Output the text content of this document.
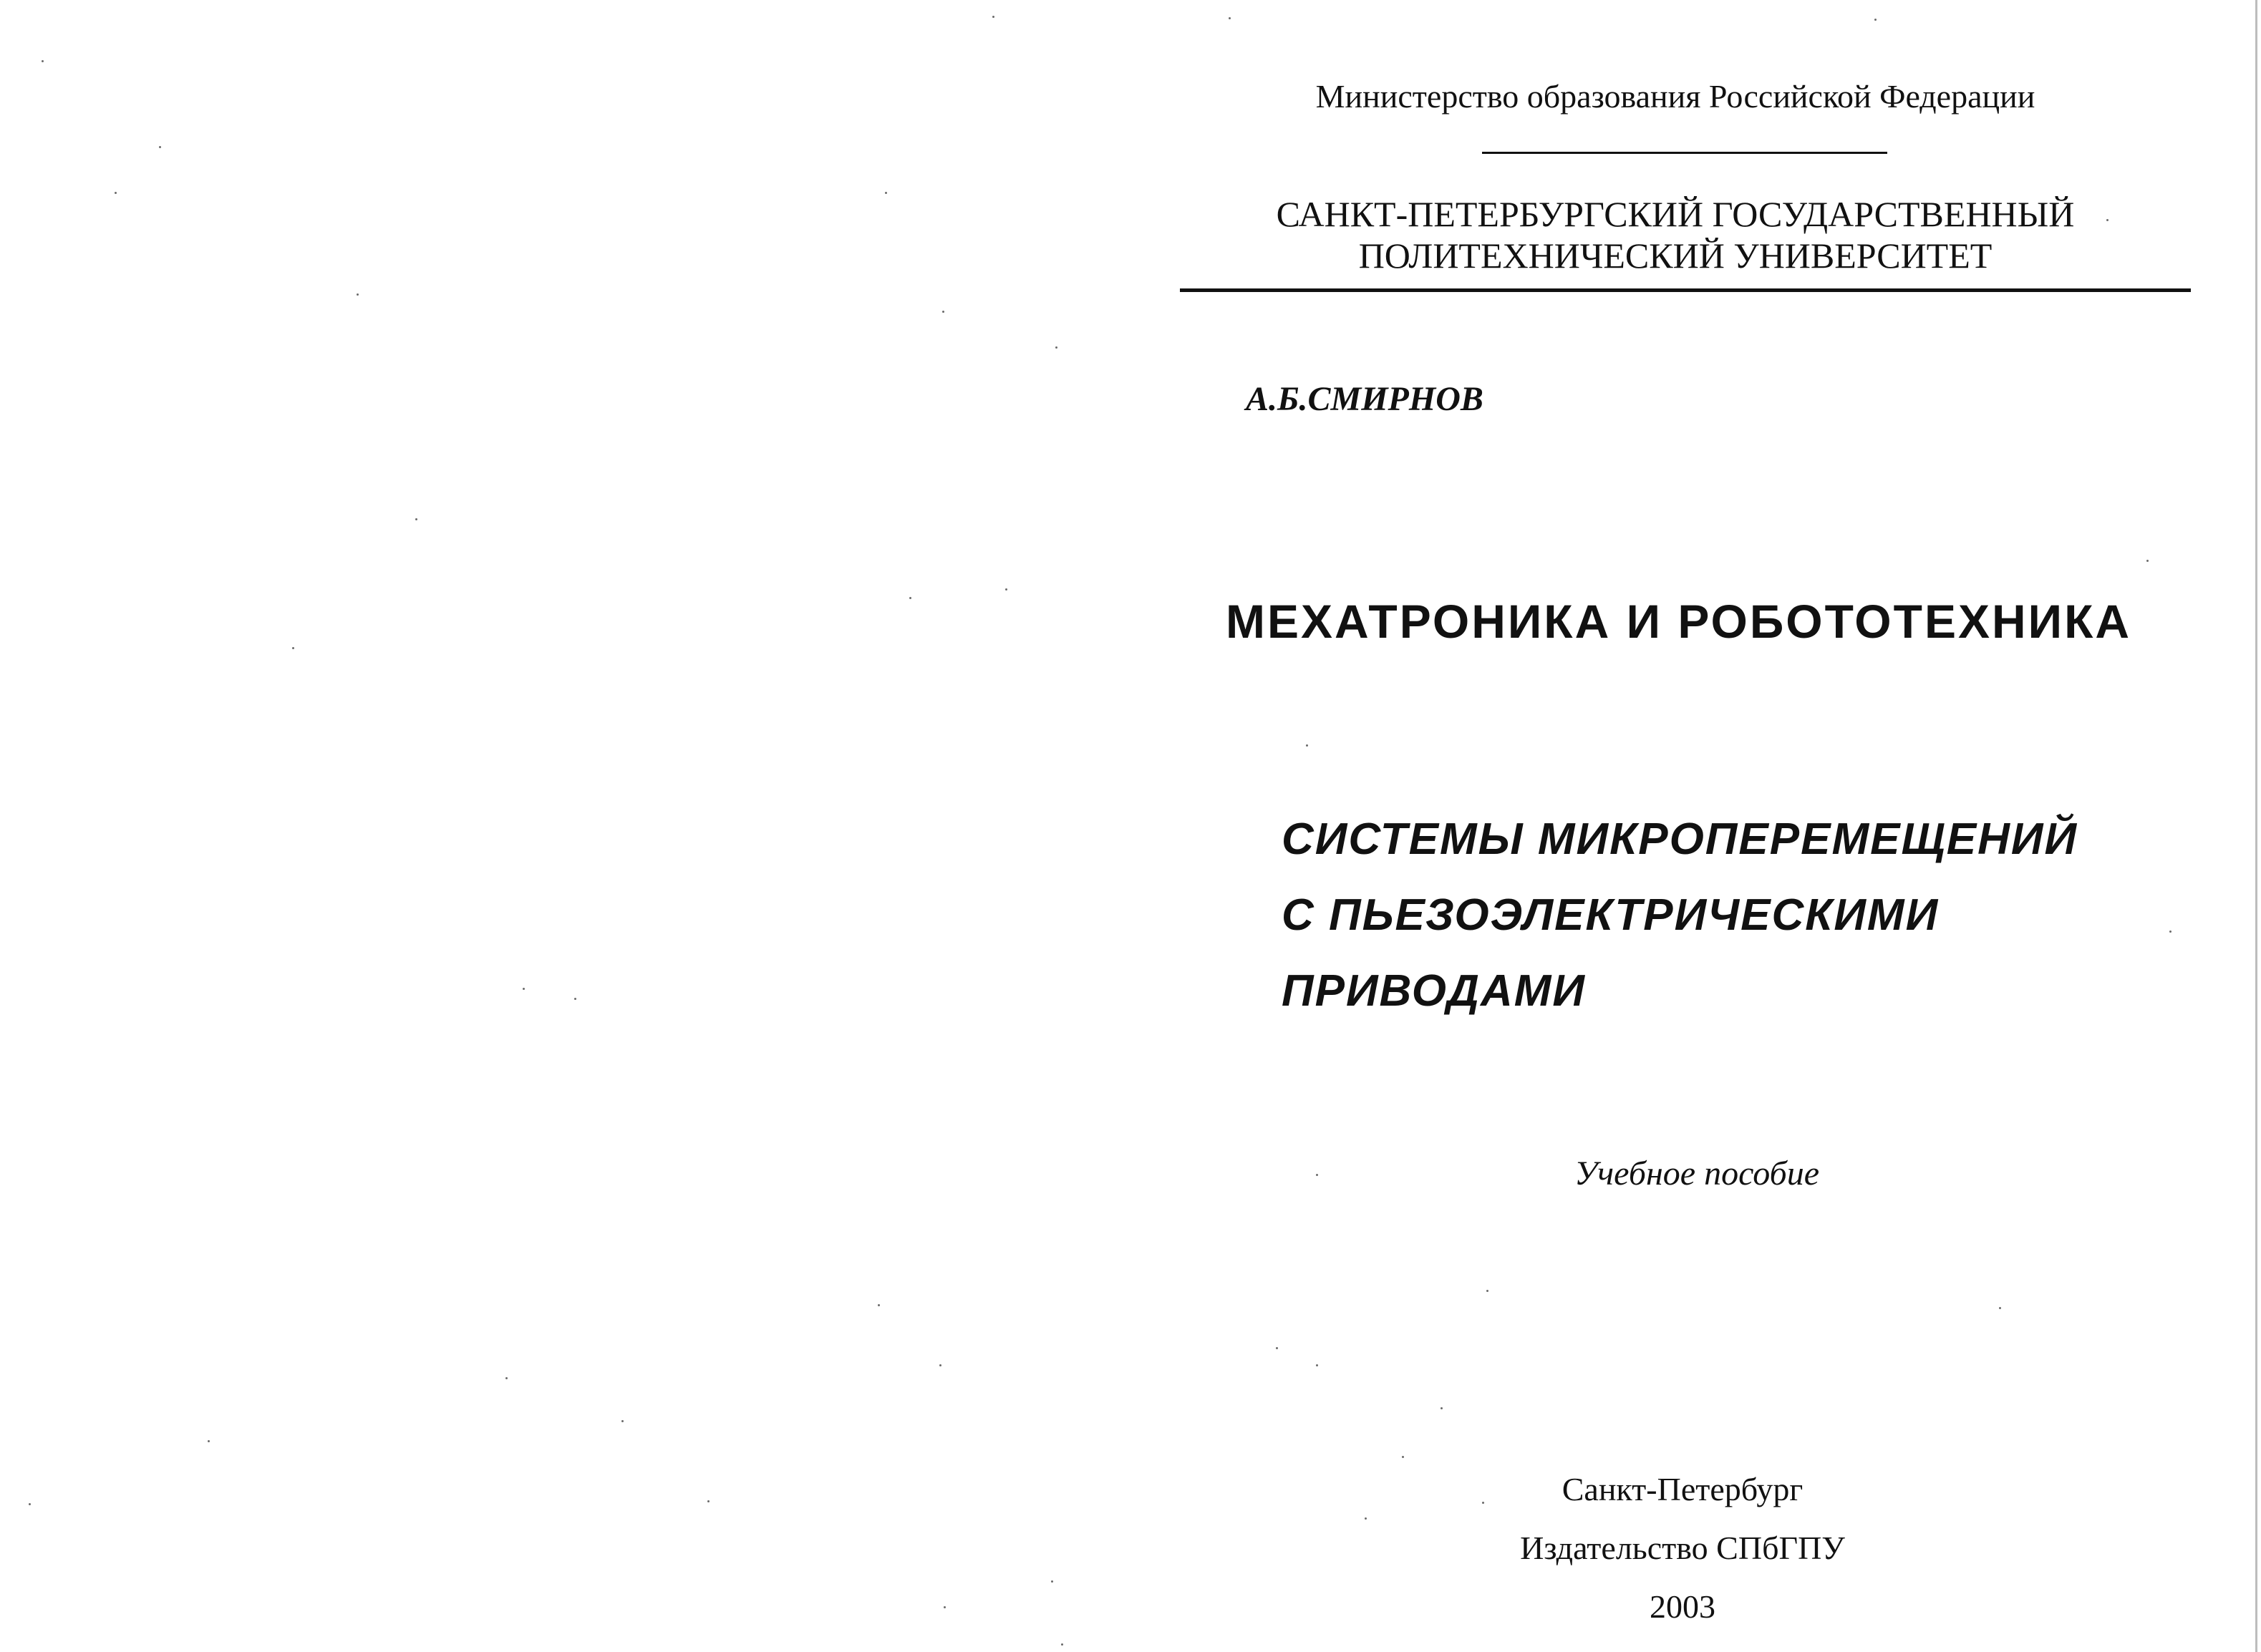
Министерство образования Российской Федерации
САНКТ-ПЕТЕРБУРГСКИЙ ГОСУДАРСТВЕННЫЙ
ПОЛИТЕХНИЧЕСКИЙ УНИВЕРСИТЕТ
А.Б.СМИРНОВ
МЕХАТРОНИКА И РОБОТОТЕХНИКА
СИСТЕМЫ МИКРОПЕРЕМЕЩЕНИЙ
С ПЬЕЗОЭЛЕКТРИЧЕСКИМИ
ПРИВОДАМИ
Учебное пособие
Санкт-Петербург
Издательство СПбГПУ
2003
